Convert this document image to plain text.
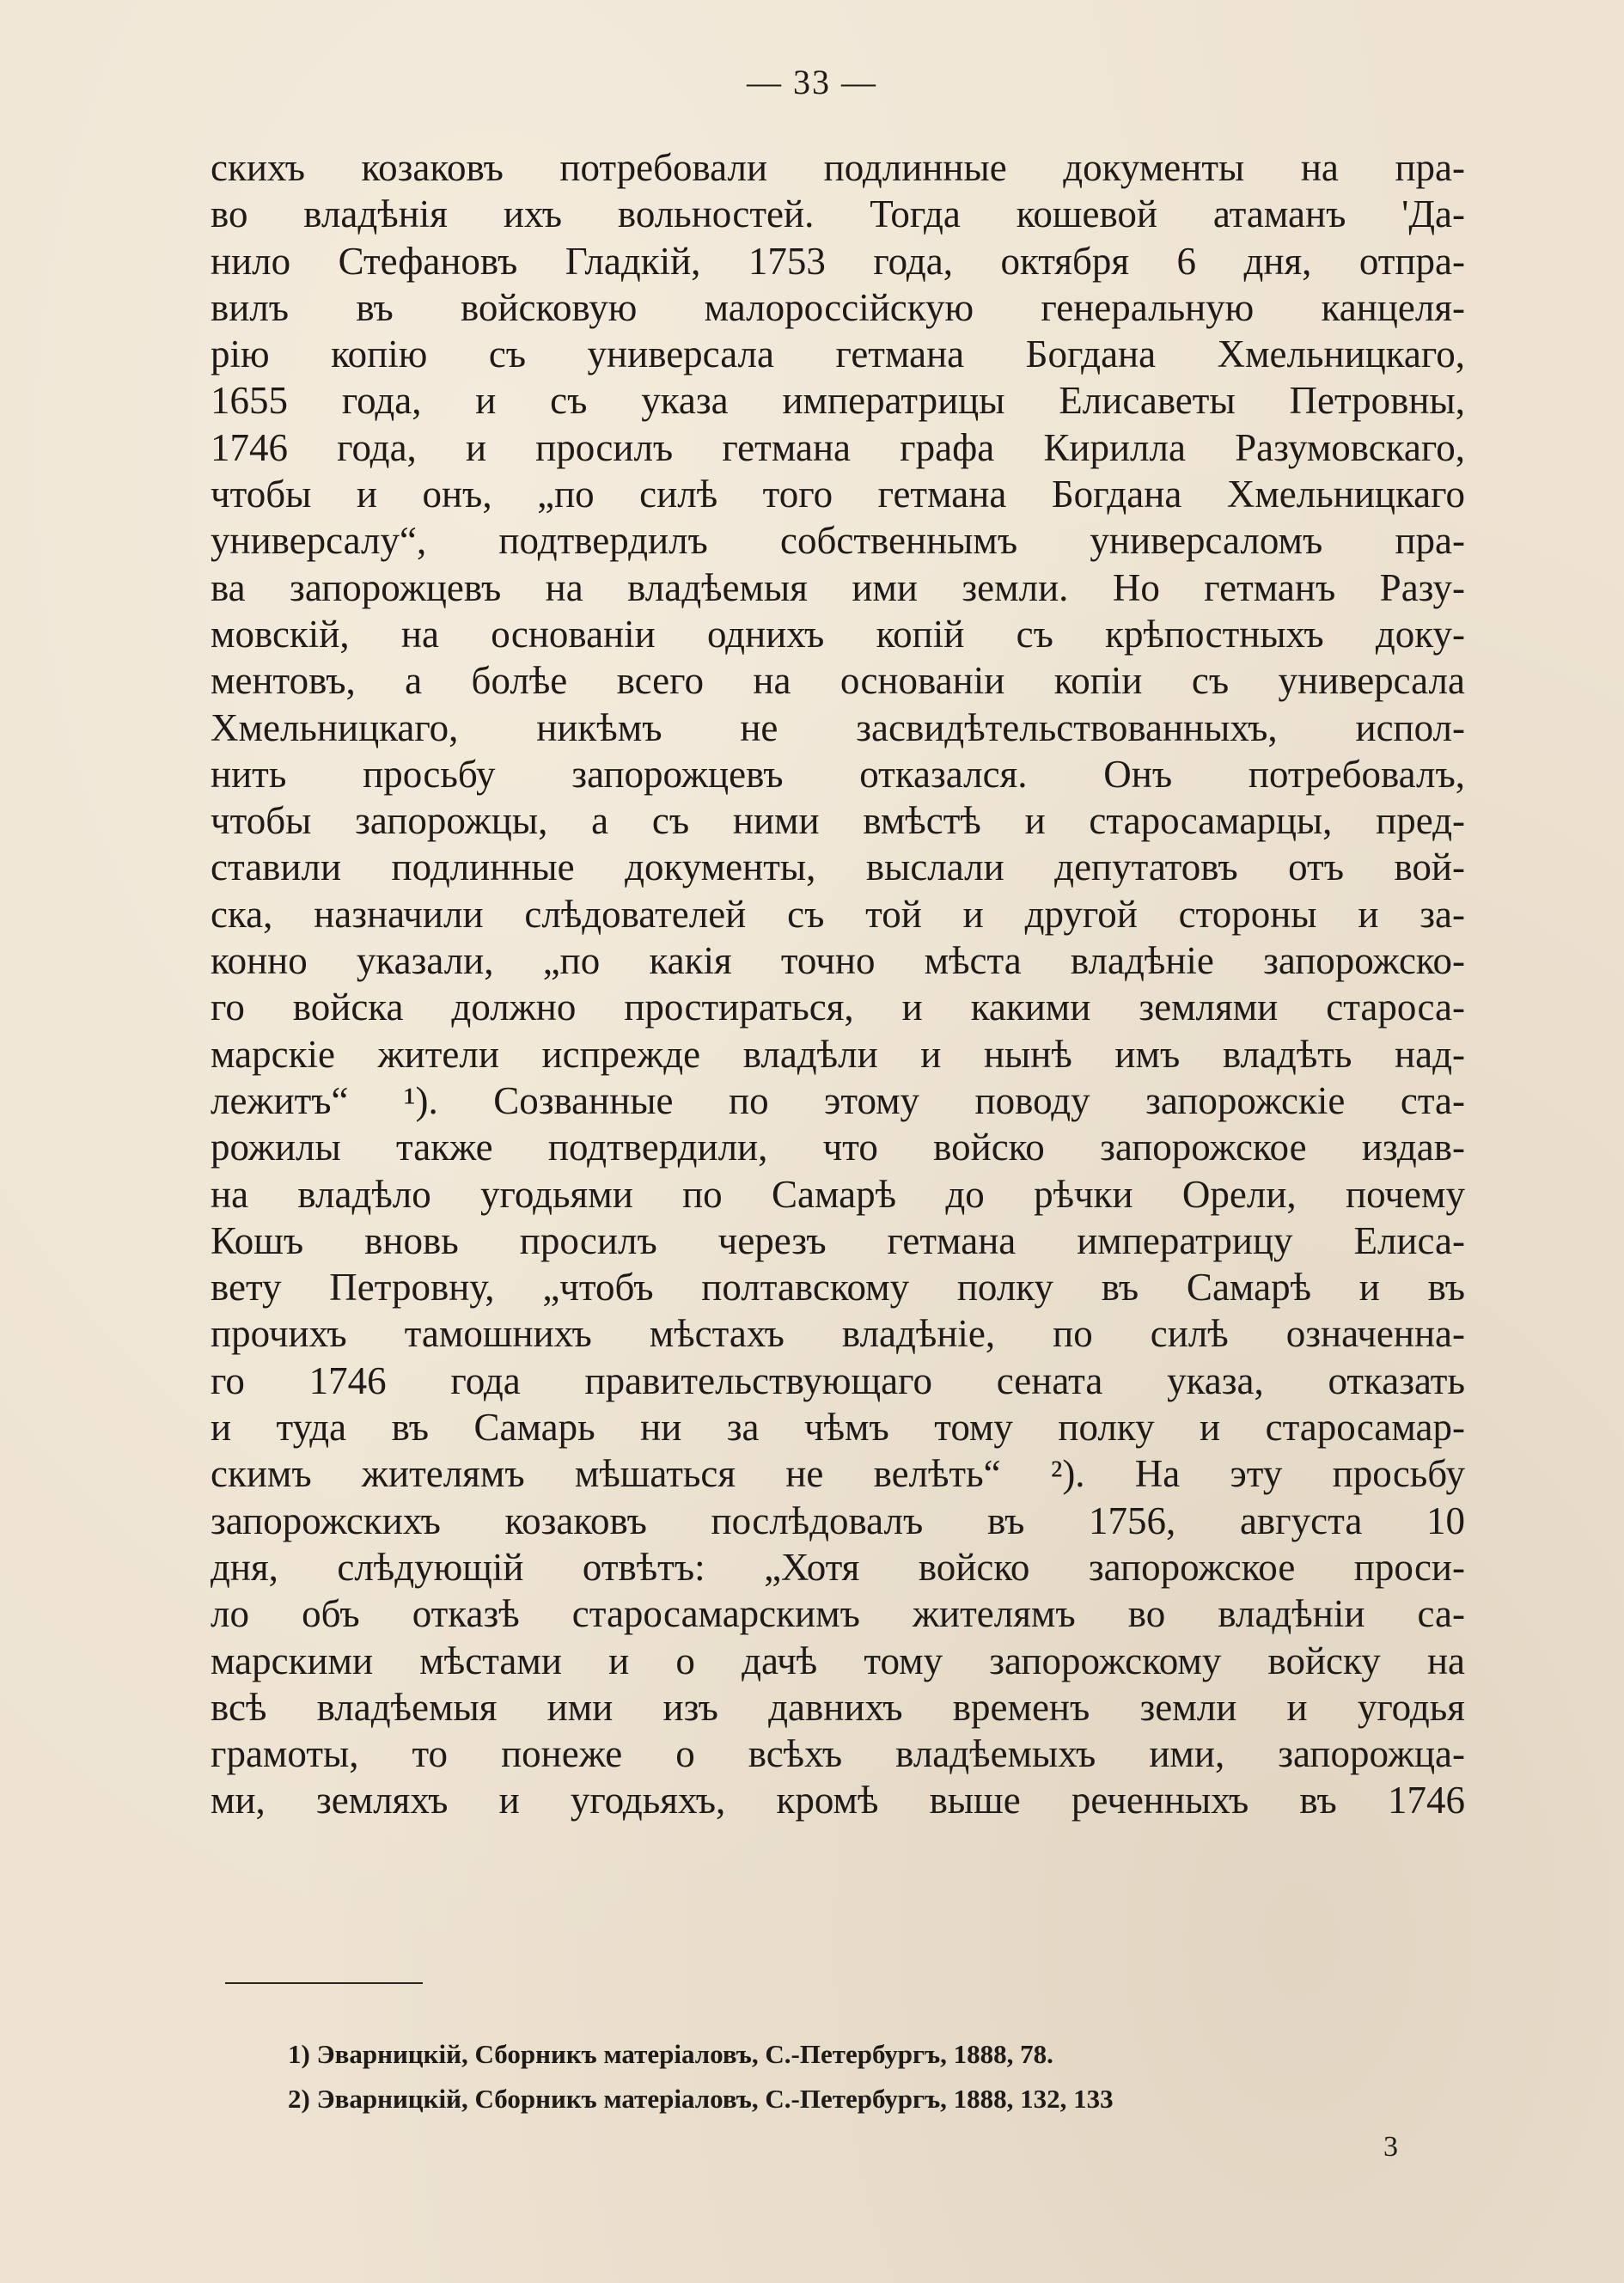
— 33 —
скихъ козаковъ потребовали подлинные документы на пра-
во владѣнія ихъ вольностей. Тогда кошевой атаманъ 'Да-
нило Стефановъ Гладкій, 1753 года, октября 6 дня, отпра-
вилъ въ войсковую малороссійскую генеральную канцеля-
рію копію съ универсала гетмана Богдана Хмельницкаго,
1655 года, и съ указа императрицы Елисаветы Петровны,
1746 года, и просилъ гетмана графа Кирилла Разумовскаго,
чтобы и онъ, „по силѣ того гетмана Богдана Хмельницкаго
универсалу“, подтвердилъ собственнымъ универсаломъ пра-
ва запорожцевъ на владѣемыя ими земли. Но гетманъ Разу-
мовскій, на основаніи однихъ копій съ крѣпостныхъ доку-
ментовъ, а болѣе всего на основаніи копіи съ универсала
Хмельницкаго, никѣмъ не засвидѣтельствованныхъ, испол-
нить просьбу запорожцевъ отказался. Онъ потребовалъ,
чтобы запорожцы, а съ ними вмѣстѣ и старосамарцы, пред-
ставили подлинные документы, выслали депутатовъ отъ вой-
ска, назначили слѣдователей съ той и другой стороны и за-
конно указали, „по какія точно мѣста владѣніе запорожско-
го войска должно простираться, и какими землями староса-
марскіе жители испрежде владѣли и нынѣ имъ владѣть над-
лежитъ“ ¹). Созванные по этому поводу запорожскіе ста-
рожилы также подтвердили, что войско запорожское издав-
на владѣло угодьями по Самарѣ до рѣчки Орели, почему
Кошъ вновь просилъ черезъ гетмана императрицу Елиса-
вету Петровну, „чтобъ полтавскому полку въ Самарѣ и въ
прочихъ тамошнихъ мѣстахъ владѣніе, по силѣ означенна-
го 1746 года правительствующаго сената указа, отказать
и туда въ Самарь ни за чѣмъ тому полку и старосамар-
скимъ жителямъ мѣшаться не велѣть“ ²). На эту просьбу
запорожскихъ козаковъ послѣдовалъ въ 1756, августа 10
дня, слѣдующій отвѣтъ: „Хотя войско запорожское проси-
ло объ отказѣ старосамарскимъ жителямъ во владѣніи са-
марскими мѣстами и о дачѣ тому запорожскому войску на
всѣ владѣемыя ими изъ давнихъ временъ земли и угодья
грамоты, то понеже о всѣхъ владѣемыхъ ими, запорожца-
ми, земляхъ и угодьяхъ, кромѣ выше реченныхъ въ 1746
1) Эварницкій, Сборникъ матеріаловъ, С.-Петербургъ, 1888, 78.
2) Эварницкій, Сборникъ матеріаловъ, С.-Петербургъ, 1888, 132, 133
3
